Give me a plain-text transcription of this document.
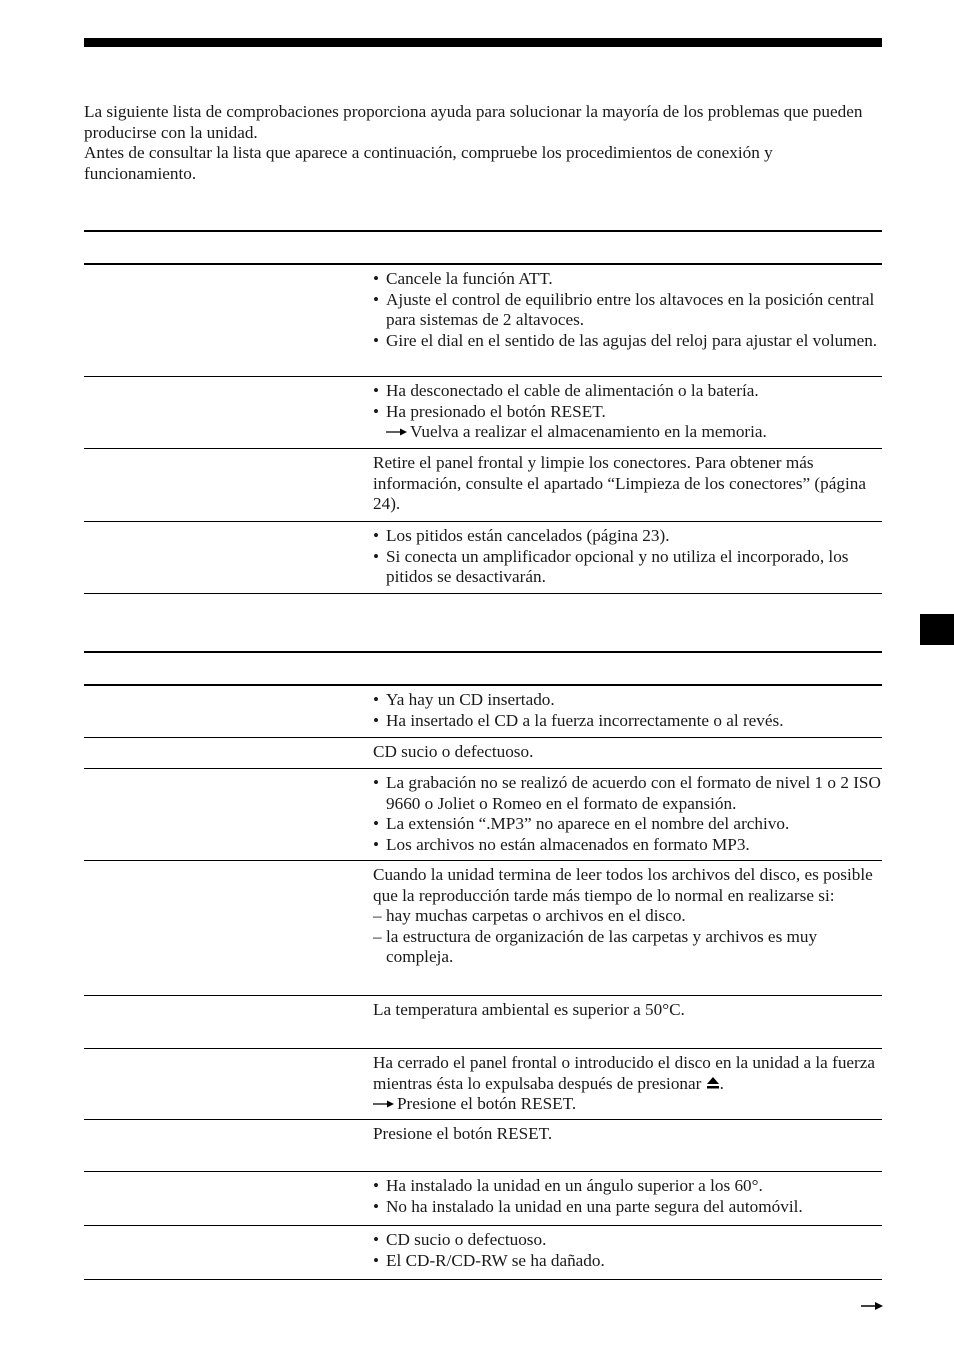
La siguiente lista de comprobaciones proporciona ayuda para solucionar la mayoría de los problemas que pueden producirse con la unidad.

Antes de consultar la lista que aparece a continuación, compruebe los procedimientos de conexión y funcionamiento.

• Cancele la función ATT.
• Ajuste el control de equilibrio entre los altavoces en la posición central para sistemas de 2 altavoces.
• Gire el dial en el sentido de las agujas del reloj para ajustar el volumen.
• Ha desconectado el cable de alimentación o la batería.
• Ha presionado el botón RESET.
Vuelva a realizar el almacenamiento en la memoria.

Retire el panel frontal y limpie los conectores. Para obtener más información, consulte el apartado “Limpieza de los conectores” (página 24).

• Los pitidos están cancelados (página 23).
• Si conecta un amplificador opcional y no utiliza el incorporado, los pitidos se desactivarán.
• Ya hay un CD insertado.
• Ha insertado el CD a la fuerza incorrectamente o al revés.

CD sucio o defectuoso.

• La grabación no se realizó de acuerdo con el formato de nivel 1 o 2 ISO 9660 o Joliet o Romeo en el formato de expansión.
• La extensión “.MP3” no aparece en el nombre del archivo.
• Los archivos no están almacenados en formato MP3.

Cuando la unidad termina de leer todos los archivos del disco, es posible que la reproducción tarde más tiempo de lo normal en realizarse si:

– hay muchas carpetas o archivos en el disco.
– la estructura de organización de las carpetas y archivos es muy compleja.

La temperatura ambiental es superior a 50°C.

Ha cerrado el panel frontal o introducido el disco en la unidad a la fuerza mientras ésta lo expulsaba después de presionar .

Presione el botón RESET.

Presione el botón RESET.

• Ha instalado la unidad en un ángulo superior a los 60°.
• No ha instalado la unidad en una parte segura del automóvil.
• CD sucio o defectuoso.
• El CD-R/CD-RW se ha dañado.
